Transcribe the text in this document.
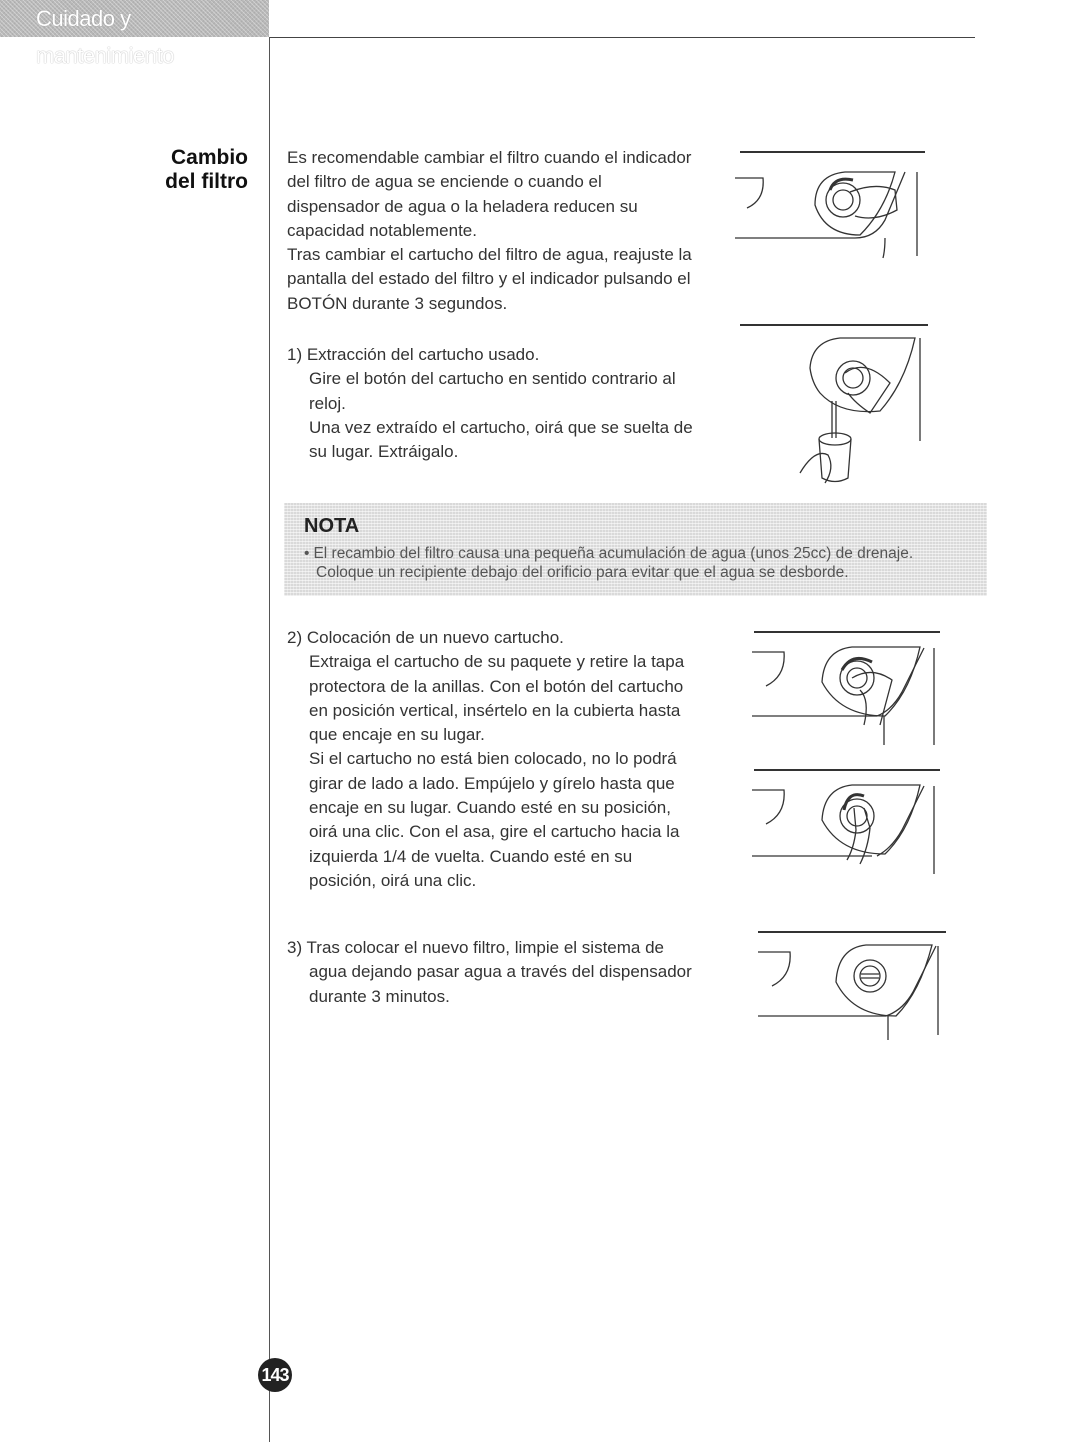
Cuidado y mantenimiento
Cambio
del filtro

Es recomendable cambiar el filtro cuando el indicador

del filtro de agua se enciende o cuando el

dispensador de agua o la heladera reducen su

capacidad notablemente.

Tras cambiar el cartucho del filtro de agua, reajuste la

pantalla del estado del filtro y el indicador pulsando el

BOTÓN durante 3 segundos.

1) Extracción del cartucho usado.

Gire el botón del cartucho en sentido contrario al

reloj.

Una vez extraído el cartucho, oirá que se suelta de

su lugar. Extráigalo.

NOTA

• El recambio del filtro causa una pequeña acumulación de agua (unos 25cc) de drenaje.
Coloque un recipiente debajo del orificio para evitar que el agua se desborde.

2) Colocación de un nuevo cartucho.

Extraiga el cartucho de su paquete y retire la tapa

protectora de la anillas. Con el botón del cartucho

en posición vertical, insértelo en la cubierta hasta

que encaje en su lugar.

Si el cartucho no está bien colocado, no lo podrá

girar de lado a lado. Empújelo y gírelo hasta que

encaje en su lugar. Cuando esté en su posición,

oirá una clic. Con el asa, gire el cartucho hacia la

izquierda 1/4 de vuelta. Cuando esté en su

posición, oirá una clic.

3) Tras colocar el nuevo filtro, limpie el sistema de

agua dejando pasar agua a través del dispensador

durante 3 minutos.

143
